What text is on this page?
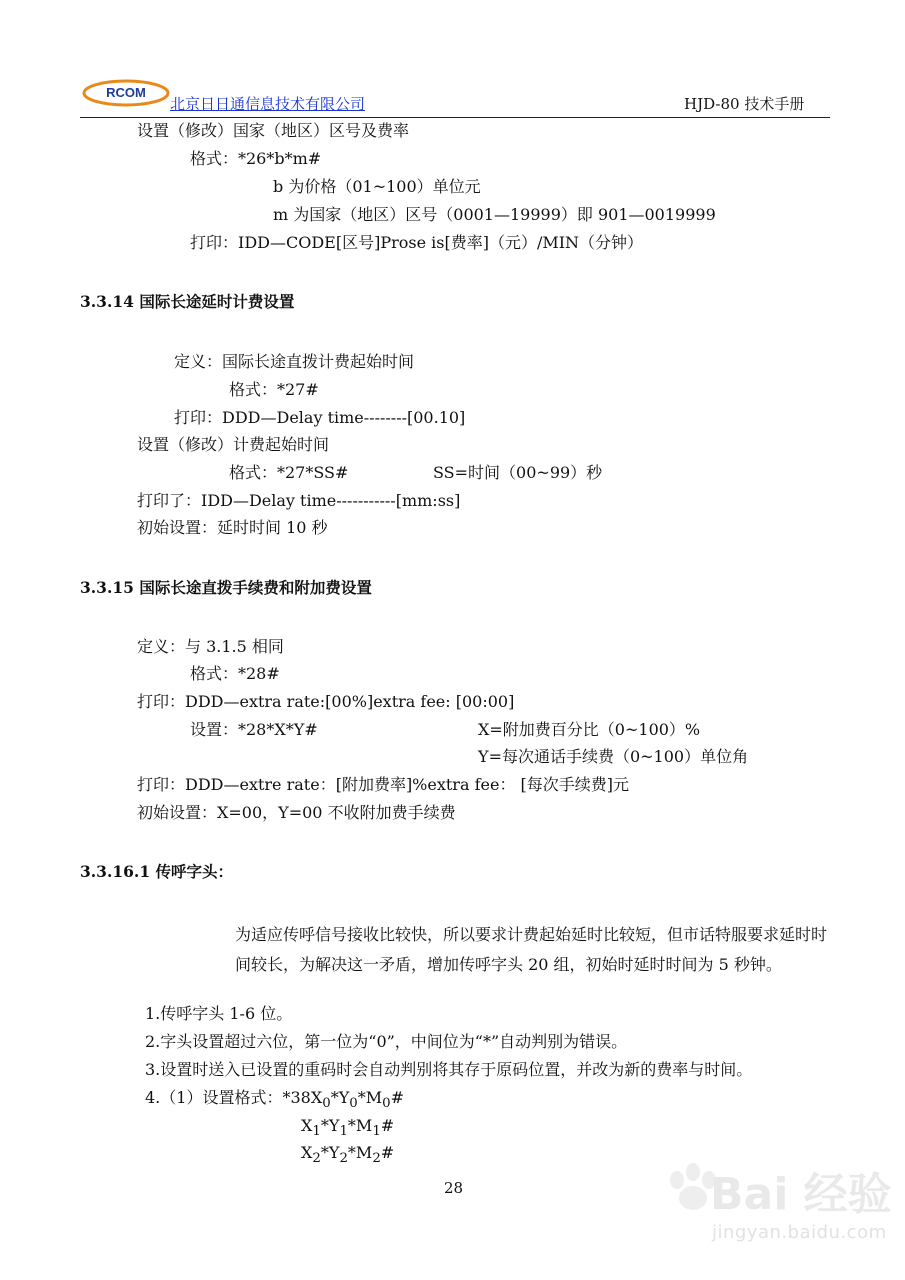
RCOM
北京日日通信息技术有限公司	HJD-80 技术手册
设置（修改）国家（地区）区号及费率
格式：*26*b*m#
b 为价格（01~100）单位元
m 为国家（地区）区号（0001—19999）即 901—0019999
打印：IDD—CODE[区号]Prose is[费率]（元）/MIN（分钟）
3.3.14 国际长途延时计费设置
定义：国际长途直拨计费起始时间
格式：*27#
打印：DDD—Delay time--------[00.10]
设置（修改）计费起始时间
格式：*27*SS#	SS=时间（00~99）秒
打印了：IDD—Delay time-----------[mm:ss]
初始设置：延时时间 10 秒
3.3.15 国际长途直拨手续费和附加费设置
定义：与 3.1.5 相同
格式：*28#
打印：DDD—extra rate:[00%]extra fee: [00:00]
设置：*28*X*Y#	X=附加费百分比（0~100）%
Y=每次通话手续费（0~100）单位角
打印：DDD—extre rate：[附加费率]%extra fee： [每次手续费]元
初始设置：X=00，Y=00 不收附加费手续费
3.3.16.1 传呼字头：
为适应传呼信号接收比较快，所以要求计费起始延时比较短，但市话特服要求延时时间较长，为解决这一矛盾，增加传呼字头 20 组，初始时延时时间为 5 秒钟。
1.传呼字头 1-6 位。
2.字头设置超过六位，第一位为“0”，中间位为“*”自动判别为错误。
3.设置时送入已设置的重码时会自动判别将其存于原码位置，并改为新的费率与时间。
4.（1）设置格式：$*38X_0*Y_0*M_0\#$
$X_1*Y_1*M_1\#$
$X_2*Y_2*M_2\#$
28	Bai 经验
jingyan.baidu.com
